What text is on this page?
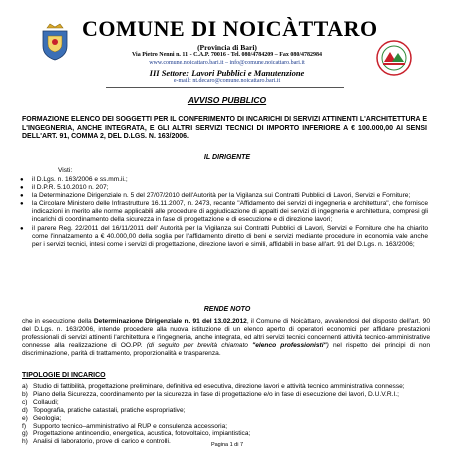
COMUNE DI NOICÀTTARO
(Provincia di Bari)
Via Pietro Nenni n. 11 - C.A.P. 70016 - Tel. 080/4784209 – Fax 080/4782984
www.comune.noicattaro.bari.it – info@comune.noicattaro.bari.it
III Settore: Lavori Pubblici e Manutenzione
e-mail: nt.decaro@comune.noicattaro.bari.it
AVVISO PUBBLICO
FORMAZIONE ELENCO DEI SOGGETTI PER IL CONFERIMENTO DI INCARICHI DI SERVIZI ATTINENTI L'ARCHITETTURA E L'INGEGNERIA, ANCHE INTEGRATA, E GLI ALTRI SERVIZI TECNICI DI IMPORTO INFERIORE A € 100.000,00 AI SENSI DELL'ART. 91, COMMA 2, DEL D.LGS. N. 163/2006.
IL DIRIGENTE
Visti:
● il D.Lgs. n. 163/2006 e ss.mm.ii.;
● il D.P.R. 5.10.2010 n. 207;
● la Determinazione Dirigenziale n. 5 del 27/07/2010 dell'Autorità per la Vigilanza sui Contratti Pubblici di Lavori, Servizi e Forniture;
● la Circolare Ministero delle Infrastrutture 16.11.2007, n. 2473, recante "Affidamento dei servizi di ingegneria e architettura", che fornisce indicazioni in merito alle norme applicabili alle procedure di aggiudicazione di appalti dei servizi di ingegneria e architettura, compresi gli incarichi di coordinamento della sicurezza in fase di progettazione e di esecuzione e di direzione lavori;
● il parere Reg. 22/2011 del 16/11/2011 dell' Autorità per la Vigilanza sui Contratti Pubblici di Lavori, Servizi e Forniture che ha chiarito come l'innalzamento a € 40.000,00 della soglia per l'affidamento diretto di beni e servizi mediante procedure in economia vale anche per i servizi tecnici, intesi come i servizi di progettazione, direzione lavori e simili, affidabili in base all'art. 91 del D.Lgs. n. 163/2006;
RENDE NOTO
che in esecuzione della Determinazione Dirigenziale n. 91 del 13.02.2012, il Comune di Noicàttaro, avvalendosi del disposto dell'art. 90 del D.Lgs. n. 163/2006, intende procedere alla nuova istituzione di un elenco aperto di operatori economici per affidare prestazioni professionali di servizi attinenti l'architettura e l'ingegneria, anche integrata, ed altri servizi tecnici concernenti attività tecnico-amministrative connesse alla realizzazione di OO.PP. (di seguito per brevità chiamato "elenco professionisti") nel rispetto dei principi di non discriminazione, parità di trattamento, proporzionalità e trasparenza.
TIPOLOGIE DI INCARICO
a) Studio di fattibilità, progettazione preliminare, definitiva ed esecutiva, direzione lavori e attività tecnico amministrativa connesse;
b) Piano della Sicurezza, coordinamento per la sicurezza in fase di progettazione e/o in fase di esecuzione dei lavori, D.U.V.R.I.;
c) Collaudi;
d) Topografia, pratiche catastali, pratiche espropriative;
e) Geologia;
f) Supporto tecnico–amministrativo al RUP e consulenza accessoria;
g) Progettazione antincendio, energetica, acustica, fotovoltaico, impiantistica;
h) Analisi di laboratorio, prove di carico e controlli.	Pagina 1 di 7
